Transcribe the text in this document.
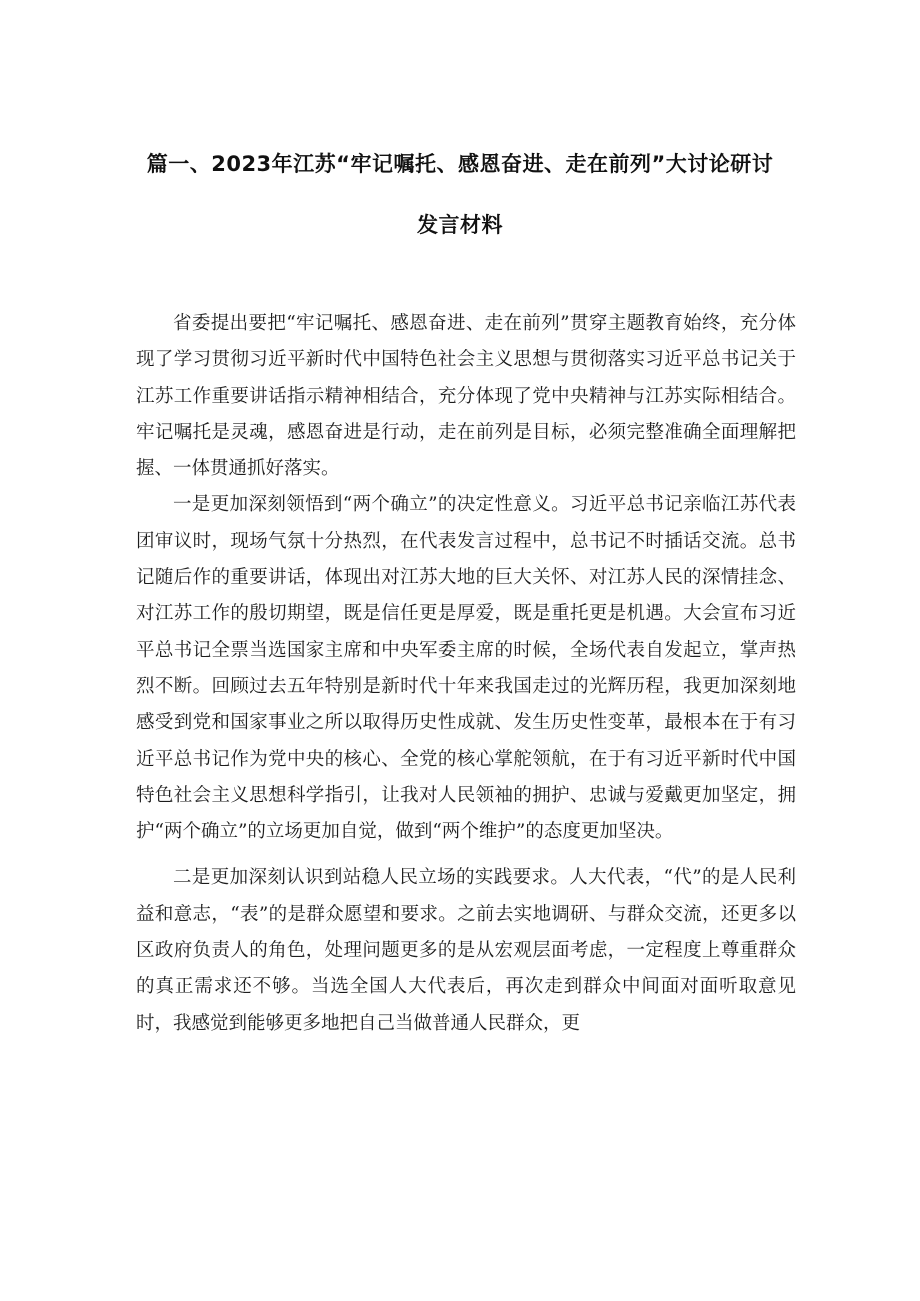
篇一、2023年江苏“牢记嘱托、感恩奋进、走在前列”大讨论研讨
发言材料

省委提出要把“牢记嘱托、感恩奋进、走在前列”贯穿主题教育始终，充分体现了学习贯彻习近平新时代中国特色社会主义思想与贯彻落实习近平总书记关于江苏工作重要讲话指示精神相结合，充分体现了党中央精神与江苏实际相结合。牢记嘱托是灵魂，感恩奋进是行动，走在前列是目标，必须完整准确全面理解把握、一体贯通抓好落实。

一是更加深刻领悟到“两个确立”的决定性意义。习近平总书记亲临江苏代表团审议时，现场气氛十分热烈，在代表发言过程中，总书记不时插话交流。总书记随后作的重要讲话，体现出对江苏大地的巨大关怀、对江苏人民的深情挂念、对江苏工作的殷切期望，既是信任更是厚爱，既是重托更是机遇。大会宣布习近平总书记全票当选国家主席和中央军委主席的时候，全场代表自发起立，掌声热烈不断。回顾过去五年特别是新时代十年来我国走过的光辉历程，我更加深刻地感受到党和国家事业之所以取得历史性成就、发生历史性变革，最根本在于有习近平总书记作为党中央的核心、全党的核心掌舵领航，在于有习近平新时代中国特色社会主义思想科学指引，让我对人民领袖的拥护、忠诚与爱戴更加坚定，拥护“两个确立”的立场更加自觉，做到“两个维护”的态度更加坚决。

二是更加深刻认识到站稳人民立场的实践要求。人大代表，“代”的是人民利益和意志，“表”的是群众愿望和要求。之前去实地调研、与群众交流，还更多以区政府负责人的角色，处理问题更多的是从宏观层面考虑，一定程度上尊重群众的真正需求还不够。当选全国人大代表后，再次走到群众中间面对面听取意见时，我感觉到能够更多地把自己当做普通人民群众，更
